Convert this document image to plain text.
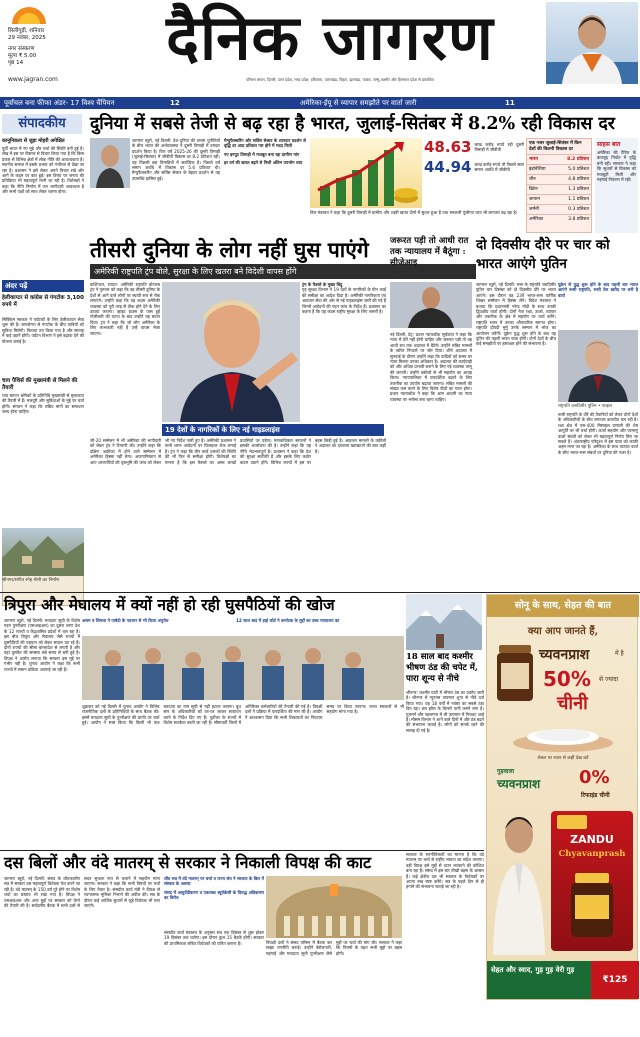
सिलीगुड़ी, शनिवार
29 नवंबर, 2025
नगर संस्करण
मूल्य ₹ 5.00
पृष्ठ 14
www.jagran.com
दैनिक जागरण
परिचम बंगाल, दिल्ली, उत्तर प्रदेश, मध्य प्रदेश, हरियाणा, उत्तराखंड, बिहार, झारखंड, पंजाब, जम्मू-कश्मीर और हिमाचल प्रदेश से प्रकाशित
पूर्वांचल बना फीफा अंडर- 17 विश्व चैंपियन	12	अमेरिका-ईयू से व्यापार समझौते पर वार्ता जारी	11
संपादकीय
कानूनिकता से जुड़ा मोहरी अपेक्षित
पूर्वी भारत में नए मुद्दे और चर्चा की स्थिति बनी हुई है। लेख में इस पर विस्तार से विचार किया गया है कि किस प्रकार से विभिन्न क्षेत्रों में लोक नीति की आवश्यकता है। स्थानीय समाज में इसके प्रभाव को गंभीरता से देखा जा रहा है। प्रशासन ने इसे लेकर अपने विचार रखे और आगे के कदम पर बात हुई। इस विषय पर जनता की प्रतिक्रिया भी महत्वपूर्ण मानी जा रही है। विशेषज्ञों ने कहा कि नीति निर्माण में जन भागीदारी आवश्यक है और सभी पक्षों को साथ लेकर चलना होगा।
अंदर पढ़ें
हेलीकाप्टर से कांग्रेस से गंगटोक 3,100 रुपये में
सिक्किम सरकार ने पर्यटकों के लिए हेलीकाप्टर सेवा शुरू की है। बागडोगरा से गंगटोक के बीच यात्रियों को सुविधा मिलेगी। किराया तय किया गया है और सप्ताह में कई उड़ानें होंगी। पर्यटन विभाग ने इसे बढ़ावा देने की योजना बनाई है।
चाय पैथिर्स की मुख्यमंत्री से मिलने की तैयारी
चाय बागान श्रमिकों के प्रतिनिधि मुख्यमंत्री से मुलाकात की तैयारी में हैं। मजदूरी और सुविधाओं के मुद्दे पर चर्चा होगी। संगठन ने कहा कि लंबित मांगों का समाधान जल्द होना चाहिए।
श्रीनगर/संगीत स्नेह श्रेणी का निर्माण
दुनिया में सबसे तेजी से बढ़ रहा है भारत, जुलाई-सितंबर में 8.2% रही विकास दर
जागरण ब्यूरो, नई दिल्ली: देश-दुनिया की तमाम चुनौतियों के बीच भारत की अर्थव्यवस्था ने दूसरी तिमाही में दमदार प्रदर्शन किया है। वित्त वर्ष 2025-26 की दूसरी तिमाही (जुलाई-सितंबर) में जीडीपी विकास दर 8.2 प्रतिशत रही। यह पिछली छह तिमाहियों में सर्वाधिक है। पिछले वर्ष समान अवधि में विकास दर 5.6 प्रतिशत थी। मैन्युफैक्चरिंग और सर्विस सेक्टर के बेहतर प्रदर्शन से यह उपलब्धि हासिल हुई।
मैन्युफैक्चरिंग और सर्विस सेक्टर के शानदार प्रदर्शन से वृद्धि दर आठ प्रतिशत पार होने में मदद मिली
नए इनपुट तिमाही में मजबूत बना रहा ग्रामीण मांग
हर वर्ग की खपत बढ़ने से निजी अंतिम उपभोग व्यय
48.63 लाख करोड़ रुपये रही दूसरी तिमाही में जीडीपी
44.94 लाख करोड़ रुपये थी पिछले साल समान अवधि में जीडीपी
वित्त मंत्रालय ने कहा कि दूसरी तिमाही में ग्रामीण और शहरी खपत दोनों में सुधार हुआ है तथा सरकारी पूंजीगत व्यय भी लगातार बढ़ रहा है।
एक नजर जुलाई-सितंबर में किन देशों की कितनी विकास दर
भारत	8.2 प्रतिशत
इंडोनेशिया	5.0 प्रतिशत
चीन	4.8 प्रतिशत
ब्रिटेन	1.3 प्रतिशत
जापान	1.1 प्रतिशत
जर्मनी	0.3 प्रतिशत
अमेरिका	3.8 प्रतिशत
साहस बात
अमेरिका की टैरिफ के बावजूद निर्यात में वृद्धि बनी रही। सरकार ने कहा कि सुधारों से विकास को मजबूती मिली और महंगाई नियंत्रण में रही।
तीसरी दुनिया के लोग नहीं घुस पाएंगे
अमेरिकी राष्ट्रपति ट्रंप बोले, सुरक्षा के लिए खतरा बने विदेशी वापस होंगे
वाशिंगटन, रायटर: अमेरिकी राष्ट्रपति डोनाल्ड ट्रंप ने गुरुवार को कहा कि वह तीसरी दुनिया के देशों से आने वाले लोगों पर स्थायी रूप से रोक लगाएंगे। उन्होंने कहा कि यह कदम अमेरिकी व्यवस्था को पूरी तरह से ठीक होने देने के लिए उठाया जाएगा। व्हाइट हाउस के पास हुई गोलीबारी की घटना के बाद उन्होंने यह बयान दिया। ट्रंप ने कहा कि जो लोग अमेरिका के लिए लाभकारी नहीं हैं उन्हें वापस भेजा जाएगा।
ट्रंप के फैसले के मुख्य बिंदु
गृह सुरक्षा विभाग ने 19 देशों के नागरिकों के ग्रीन कार्ड की समीक्षा का आदेश दिया है। अमेरिकी नागरिकता एवं आव्रजन सेवा की ओर से नई गाइडलाइंस जारी की गई हैं जिनमें आवेदनों की गहन जांच के निर्देश हैं। प्रशासन का कहना है कि यह कदम राष्ट्रीय सुरक्षा के लिए जरूरी है।
19 देशों के नागरिकों के लिए नई गाइडलाइंस
जी-20 सम्मेलन में भी अमेरिका की भागीदारी को लेकर ट्रंप ने टिप्पणी की। उन्होंने कहा कि दक्षिण अफ्रीका में होने वाले सम्मेलन में अमेरिका हिस्सा नहीं लेगा। अफगानिस्तान से आए शरणार्थियों की पृष्ठभूमि की जांच को लेकर भी नए निर्देश जारी हुए हैं। अमेरिकी प्रशासन ने सभी शरण आवेदनों पर फिलहाल रोक लगाई है। ट्रंप ने कहा कि ग्रीन कार्ड धारकों की स्थिति की भी फिर से समीक्षा होगी। विशेषज्ञों का मानना है कि इस फैसले का असर लाखों प्रवासियों पर पड़ेगा। मानवाधिकार संगठनों ने इसकी आलोचना की है। उन्होंने कहा कि यह नीति भेदभावपूर्ण है। प्रशासन ने कहा कि देश की सुरक्षा सर्वोपरि है और इसके लिए कठोर कदम उठाने होंगे। विभिन्न राज्यों में इस पर बहस छिड़ी हुई है। आव्रजन मामलों के वकीलों ने अदालत का दरवाजा खटखटाने की बात कही है।
जरूरत पड़ी तो आधी रात तक न्यायालय में बैठूंगा : सीजेआइ
नई दिल्ली, प्रेट्र: प्रधान न्यायाधीश सूर्यकांत ने कहा कि न्याय में देरी नहीं होनी चाहिए और जरूरत पड़ी तो वह आधी रात तक अदालत में बैठेंगे। उन्होंने लंबित मामलों के त्वरित निपटारे पर जोर दिया। शीर्ष अदालत में सुनवाई के दौरान उन्होंने कहा कि वादियों को समय पर न्याय मिलना उनका अधिकार है। अदालत की कार्यवाही को और अधिक प्रभावी बनाने के लिए नई व्यवस्था लागू की जाएगी। उन्होंने वकीलों से भी सहयोग का आग्रह किया। न्यायपालिका में पारदर्शिता बढ़ाने के लिए तकनीक का उपयोग बढ़ाया जाएगा। लंबित मामलों की संख्या कम करने के लिए विशेष पीठों का गठन होगा। प्रधान न्यायाधीश ने कहा कि आम आदमी का न्याय व्यवस्था पर भरोसा बना रहना चाहिए।
दो दिवसीय दौरे पर चार को भारत आएंगे पुतिन
जागरण ब्यूरो, नई दिल्ली: रूस के राष्ट्रपति व्लादिमीर पुतिन चार दिसंबर को दो दिवसीय दौरे पर भारत आएंगे। इस दौरान वह 23वें भारत-रूस वार्षिक शिखर सम्मेलन में हिस्सा लेंगे। विदेश मंत्रालय ने बताया कि प्रधानमंत्री नरेन्द्र मोदी के साथ उनकी द्विपक्षीय वार्ता होगी। दोनों नेता रक्षा, ऊर्जा, व्यापार और तकनीक के क्षेत्र में सहयोग पर चर्चा करेंगे। राष्ट्रपति भवन में उनका औपचारिक स्वागत होगा। राष्ट्रपति द्रौपदी मुर्मु उनके सम्मान में भोज का आयोजन करेंगी। यूक्रेन युद्ध शुरू होने के बाद यह पुतिन की पहली भारत यात्रा होगी। दोनों देशों के बीच कई समझौतों पर हस्ताक्षर होने की संभावना है।
यूक्रेन से युद्ध शुरू होने के बाद पहली बार भारत आएंगे रूसी राष्ट्रपति, रूसी तेल खरीद पर बनी है वार्ता
राष्ट्रपति व्लादिमीर पुतिन • फाइल
रूसी राष्ट्रपति के दौरे की तैयारियों को लेकर दोनों देशों के अधिकारियों के बीच लगातार बातचीत चल रही है। रक्षा क्षेत्र में एस-400 मिसाइल प्रणाली की शेष आपूर्ति पर भी चर्चा होगी। ऊर्जा सहयोग और परमाणु ऊर्जा संयंत्रों को लेकर भी महत्वपूर्ण निर्णय लिए जा सकते हैं। अंतरराष्ट्रीय परिदृश्य में इस यात्रा को काफी अहम माना जा रहा है। अमेरिका के साथ व्यापार वार्ता के बीच भारत-रूस संबंधों पर दुनिया की नजर है।
त्रिपुरा और मेघालय में क्यों नहीं हो रही घुसपैठियों की खोज
जागरण ब्यूरो, नई दिल्ली: मतदाता सूची के विशेष गहन पुनरीक्षण (एसआइआर) का दूसरा चरण देश के 12 राज्यों व केंद्रशासित प्रदेशों में चल रहा है। इस बीच त्रिपुरा और मेघालय जैसे राज्यों में घुसपैठियों की पहचान को लेकर सवाल उठ रहे हैं। दोनों राज्यों की सीमा बांग्लादेश से लगती है और यहां घुसपैठ की समस्या लंबे समय से बनी हुई है। विपक्ष ने आरोप लगाया कि सरकार इस मुद्दे पर गंभीर नहीं है। चुनाव आयोग ने कहा कि सभी राज्यों में समान प्रक्रिया अपनाई जा रही है।
असम व शिमला ने पार्षदो के पदभार से भी किया अनुरोध	12 साल बाद में हाई कोर्ट ने कर्नाटक के मुद्दों का उच्च न्यायालय का
शुक्रवार को नई दिल्ली में चुनाव आयोग ने विभिन्न राजनीतिक दलों के प्रतिनिधियों के साथ बैठक की। इसमें मतदाता सूची के पुनरीक्षण की प्रगति पर चर्चा हुई। आयोग ने स्पष्ट किया कि किसी भी पात्र मतदाता का नाम सूची से नहीं हटाया जाएगा। बूथ स्तर के अधिकारियों को घर-घर जाकर सत्यापन करने के निर्देश दिए गए हैं। पूर्वोत्तर के राज्यों में विशेष सतर्कता बरती जा रही है। सीमावर्ती जिलों में अतिरिक्त कर्मचारियों की तैनाती की गई है। विपक्षी दलों ने प्रक्रिया में पारदर्शिता की मांग की है। आयोग ने आश्वासन दिया कि सभी शिकायतों का निपटारा समय पर किया जाएगा। राज्य सरकारों से भी सहयोग मांगा गया है।
18 साल बाद कश्मीर भीषण ठंड की चपेट में, पारा शून्य से नीचे
श्रीनगर: कश्मीर घाटी में भीषण ठंड का प्रकोप जारी है। श्रीनगर में न्यूनतम तापमान शून्य से नीचे दर्ज किया गया। यह 18 वर्षों में नवंबर का सबसे ठंडा दिन रहा। डल झील के किनारे पानी जमने लगा है। गुलमर्ग और पहलगाम में भी तापमान में गिरावट आई है। मौसम विभाग ने आने वाले दिनों में और ठंड बढ़ने की संभावना जताई है। लोगों को सतर्क रहने की सलाह दी गई है।
सोनू के साथ, सेहत की बात
क्या आप जानते हैं,
च्यवनप्राश	में है
50% से ज्यादा
चीनी
लेबल पर ध्यान से कहीं देख करें
गुड़वाला
च्यवनप्राश 0%
रिफाइंड चीनी
ZANDU
Chyavanprash
सेहत और स्वाद, गुड़ गुड़ वेरी गुड़
₹125 OFF
दस बिलों और वंदे मातरम् से सरकार ने निकाली विपक्ष की काट
जागरण ब्यूरो, नई दिल्ली: संसद के शीतकालीन सत्र में सरकार दस महत्वपूर्ण विधेयक पेश करने जा रही है। वंदे मातरम् के 150 वर्ष पूरे होने पर विशेष चर्चा का प्रस्ताव भी रखा गया है। विपक्ष ने एसआइआर और अन्य मुद्दों पर सरकार को घेरने की तैयारी की है। सर्वदलीय बैठक में सभी दलों से सदन सुचारू रूप से चलाने में सहयोग मांगा जाएगा। सरकार ने कहा कि सभी विषयों पर चर्चा के लिए तैयार है। संसदीय कार्य मंत्री ने विपक्ष से रचनात्मक भूमिका निभाने की अपील की। सत्र के दौरान कई आर्थिक सुधारों से जुड़े विधेयक भी लाए जाएंगे।
शीत सत्र में वंदे मातरम् पर चर्चा व राज्य संघ ने सरकार के बिल में संस्कार के आसार
संसद में आयुर्वेदीकरण व एकलब्ध ब्यूरोक्रेसी के विरुद्ध अतिक्रमण का विरोध
संसदीय कार्य मंत्रालय के अनुसार सत्र एक दिसंबर से शुरू होकर 19 दिसंबर तक चलेगा। इस दौरान कुल 15 बैठकें होंगी। सरकार की प्राथमिकता लंबित विधेयकों को पारित कराना है।	विपक्षी दलों ने संसद परिसर में बैठक कर साझा रणनीति बनाई। उन्होंने बेरोजगारी, महंगाई और मतदाता सूची पुनरीक्षण जैसे मुद्दों पर चर्चा की मांग की। सरकार ने कहा कि नियमों के तहत सभी मुद्दों पर बहस होगी।
सरकार के रणनीतिकारों का मानना है कि वंदे मातरम् पर चर्चा से राष्ट्रीय भावना का संदेश जाएगा। वहीं विपक्ष इसे मुद्दों से ध्यान भटकाने की कोशिश बता रहा है। संसद में इस बार तीखी बहस के आसार हैं। कई क्षेत्रीय दल भी सरकार के विधेयकों पर अपना रुख स्पष्ट करेंगे। सत्र के पहले दिन से ही हंगामे की संभावना जताई जा रही है।
